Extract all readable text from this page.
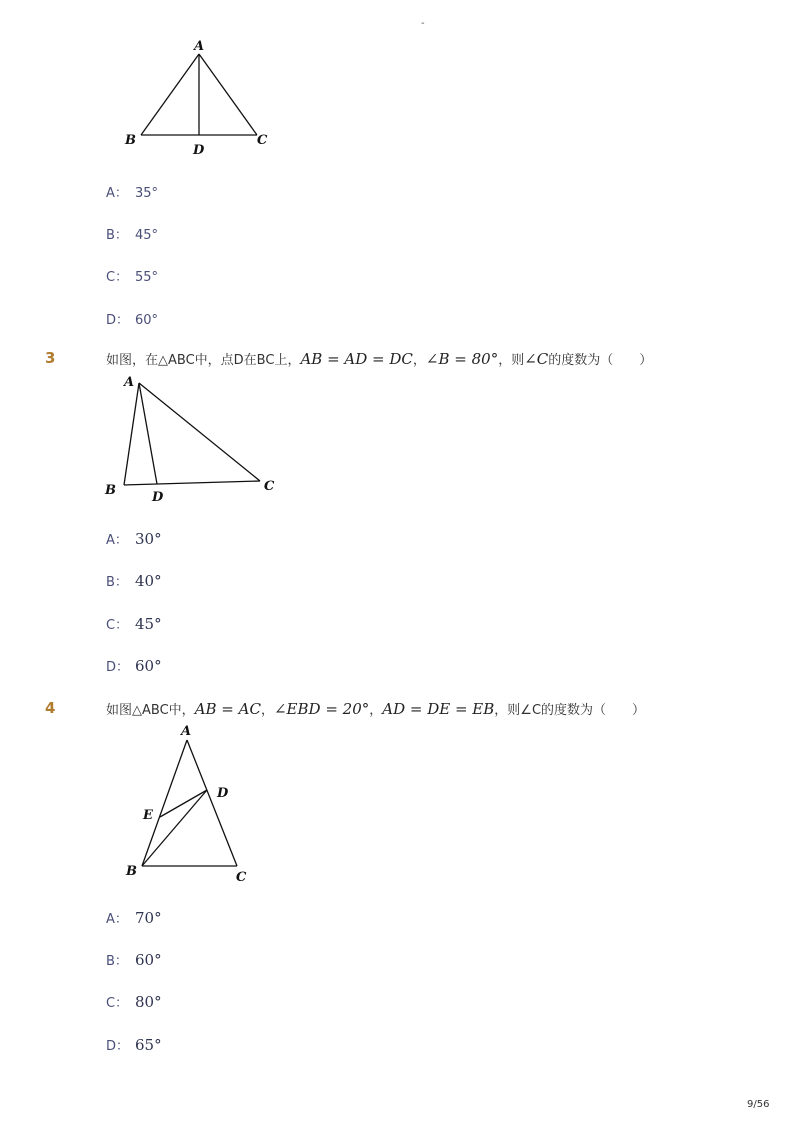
-
A
B	C
D
A： 35°
B： 45°
C： 55°
D： 60°
3	如图，在△ABC中，点D在BC上，AB = AD = DC，∠B = 80°，则∠C的度数为（　　）
A
B	C
D
A： 30°
B： 40°
C： 45°
D： 60°
4	如图△ABC中，AB = AC，∠EBD = 20°，AD = DE = EB，则∠C的度数为（　　）
A
D
E
B	C
A： 70°
B： 60°
C： 80°
D： 65°
9/56
